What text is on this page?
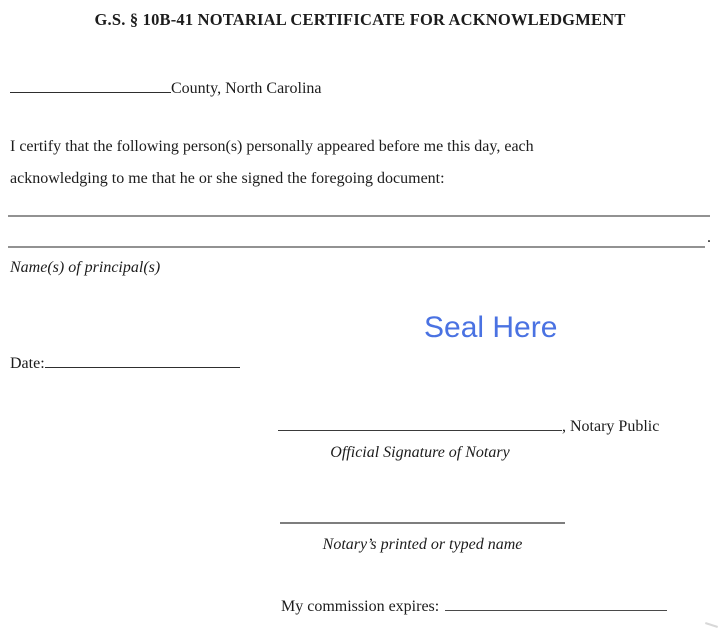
G.S. § 10B-41 NOTARIAL CERTIFICATE FOR ACKNOWLEDGMENT
County, North Carolina

I certify that the following person(s) personally appeared before me this day, each acknowledging to me that he or she signed the foregoing document:

.
Name(s) of principal(s)
Seal Here
Date:
, Notary Public
Official Signature of Notary
Notary’s printed or typed name
My commission expires:
